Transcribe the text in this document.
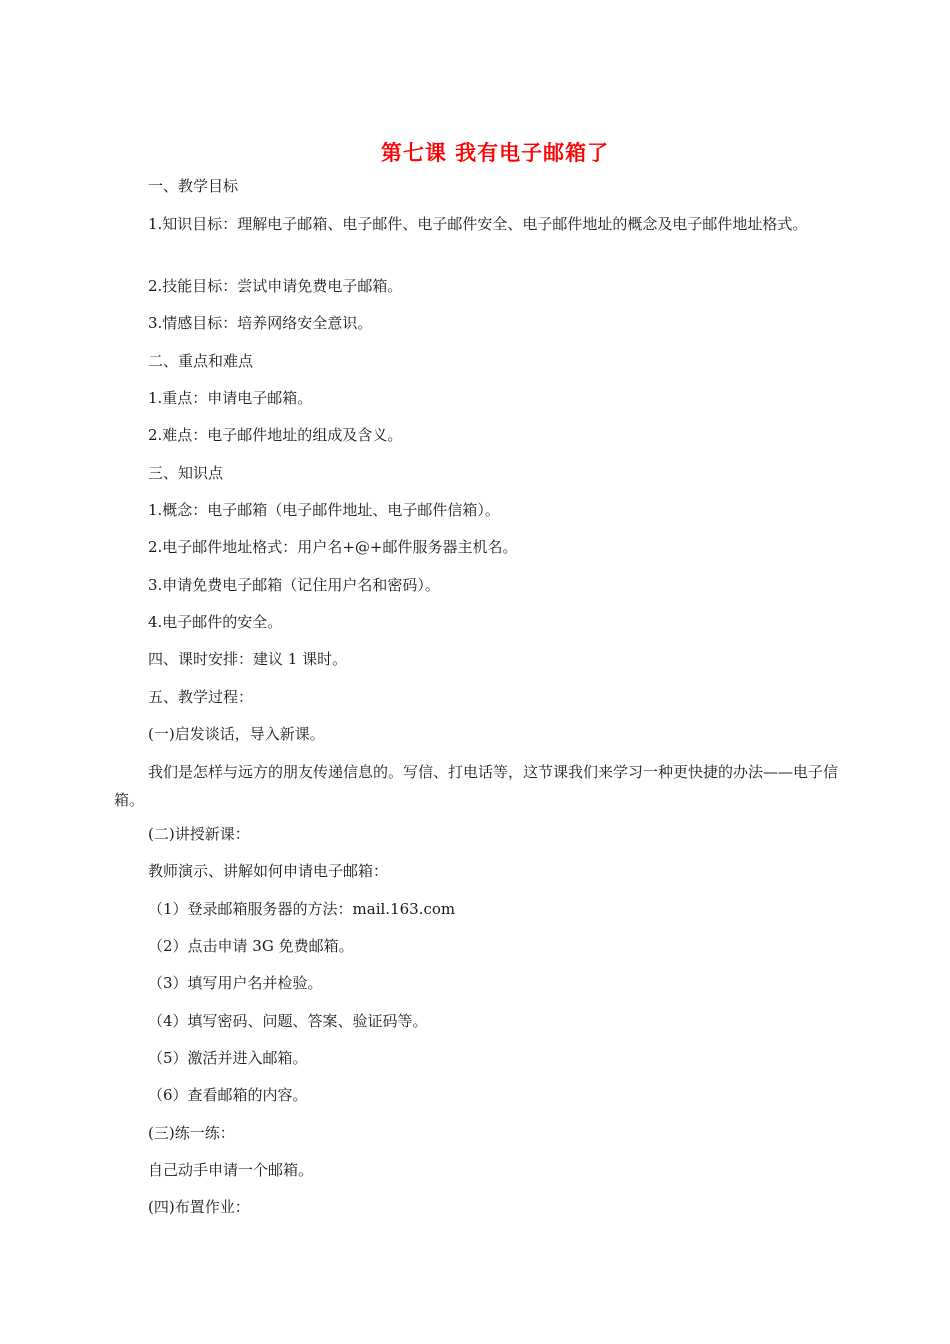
第七课 我有电子邮箱了
一、教学目标
1.知识目标：理解电子邮箱、电子邮件、电子邮件安全、电子邮件地址的概念及电子邮件地址格式。
2.技能目标：尝试申请免费电子邮箱。
3.情感目标：培养网络安全意识。
二、重点和难点
1.重点：申请电子邮箱。
2.难点：电子邮件地址的组成及含义。
三、知识点
1.概念：电子邮箱（电子邮件地址、电子邮件信箱）。
2.电子邮件地址格式：用户名+@+邮件服务器主机名。
3.申请免费电子邮箱（记住用户名和密码）。
4.电子邮件的安全。
四、课时安排：建议 1 课时。
五、教学过程：
(一)启发谈话，导入新课。
我们是怎样与远方的朋友传递信息的。写信、打电话等，这节课我们来学习一种更快捷的办法——电子信箱。
(二)讲授新课：
教师演示、讲解如何申请电子邮箱：
（1）登录邮箱服务器的方法：mail.163.com
（2）点击申请 3G 免费邮箱。
（3）填写用户名并检验。
（4）填写密码、问题、答案、验证码等。
（5）激活并进入邮箱。
（6）查看邮箱的内容。
(三)练一练：
自己动手申请一个邮箱。
(四)布置作业：
